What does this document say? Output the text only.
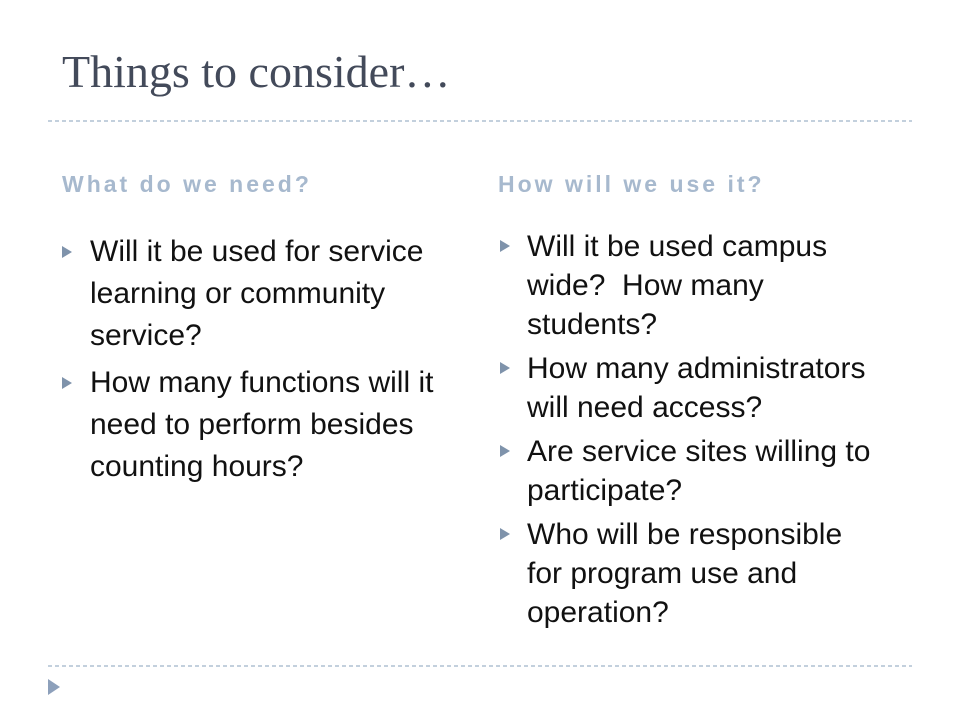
Things to consider…
What do we need?	How will we use it?
Will it be used for service
learning or community
service?
How many functions will it
need to perform besides
counting hours?
Will it be used campus
wide?  How many
students?
How many administrators
will need access?
Are service sites willing to
participate?
Who will be responsible
for program use and
operation?
